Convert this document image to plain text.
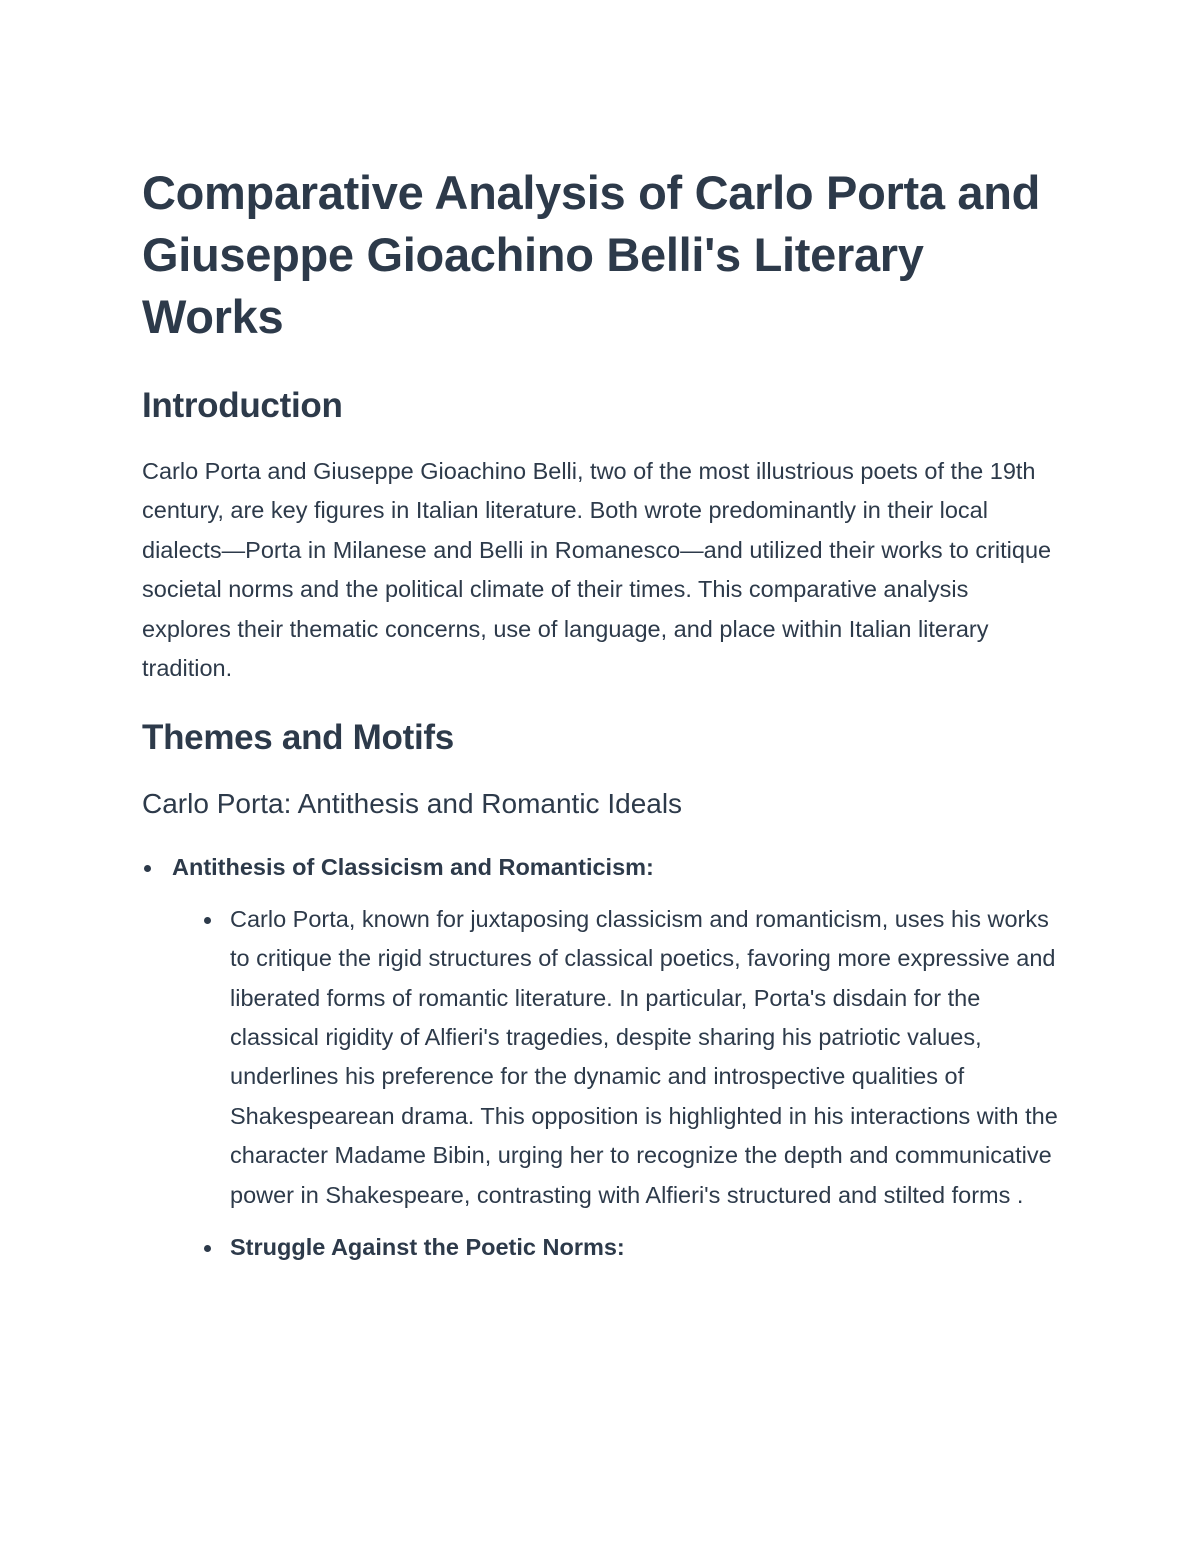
Comparative Analysis of Carlo Porta and Giuseppe Gioachino Belli's Literary Works
Introduction

Carlo Porta and Giuseppe Gioachino Belli, two of the most illustrious poets of the 19th century, are key figures in Italian literature. Both wrote predominantly in their local dialects—Porta in Milanese and Belli in Romanesco—and utilized their works to critique societal norms and the political climate of their times. This comparative analysis explores their thematic concerns, use of language, and place within Italian literary tradition.

Themes and Motifs
Carlo Porta: Antithesis and Romantic Ideals
Antithesis of Classicism and Romanticism:
Carlo Porta, known for juxtaposing classicism and romanticism, uses his works to critique the rigid structures of classical poetics, favoring more expressive and liberated forms of romantic literature. In particular, Porta's disdain for the classical rigidity of Alfieri's tragedies, despite sharing his patriotic values, underlines his preference for the dynamic and introspective qualities of Shakespearean drama. This opposition is highlighted in his interactions with the character Madame Bibin, urging her to recognize the depth and communicative power in Shakespeare, contrasting with Alfieri's structured and stilted forms .
Struggle Against the Poetic Norms:
